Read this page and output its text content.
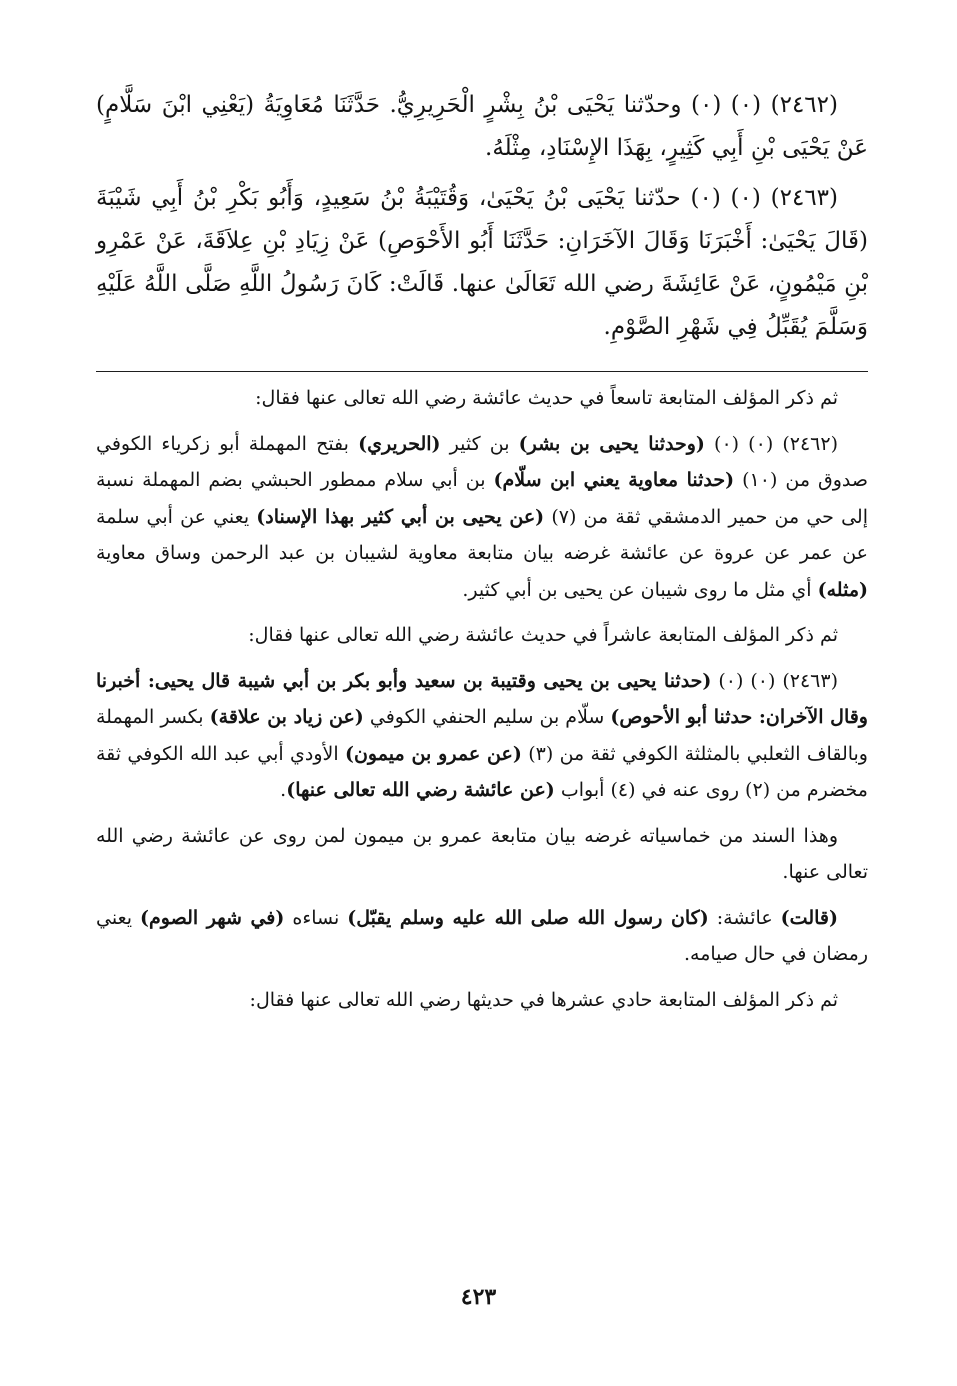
(٢٤٦٢) (٠) (٠) وحدّثنا يَحْيَى بْنُ بِشْرٍ الْحَرِيرِيُّ. حَدَّثَنَا مُعَاوِيَةُ (يَعْنِي ابْنَ سَلَّامٍ) عَنْ يَحْيَى بْنِ أَبِي كَثِيرٍ، بِهَذَا الإِسْنَادِ، مِثْلَهُ.

(٢٤٦٣) (٠) (٠) حدّثنا يَحْيَى بْنُ يَحْيَىٰ، وَقُتَيْبَةُ بْنُ سَعِيدٍ، وَأَبُو بَكْرِ بْنُ أَبِي شَيْبَةَ (قَالَ يَحْيَىٰ: أَخْبَرَنَا وَقَالَ الآخَرَانِ: حَدَّثَنَا أَبُو الأَحْوَصِ) عَنْ زِيَادِ بْنِ عِلاَقَةَ، عَنْ عَمْرِو بْنِ مَيْمُونٍ، عَنْ عَائِشَةَ رضي الله تَعَالَىٰ عنها. قَالَتْ: كَانَ رَسُولُ اللَّهِ صَلَّى اللَّهُ عَلَيْهِ وَسَلَّمَ يُقَبِّلُ فِي شَهْرِ الصَّوْمِ.

ثم ذكر المؤلف المتابعة تاسعاً في حديث عائشة رضي الله تعالى عنها فقال:

(٢٤٦٢) (٠) (٠) (وحدثنا يحيى بن بشر) بن كثير (الحريري) بفتح المهملة أبو زكرياء الكوفي صدوق من (١٠) (حدثنا معاوية يعني ابن سلّام) بن أبي سلام ممطور الحبشي بضم المهملة نسبة إلى حي من حمير الدمشقي ثقة من (٧) (عن يحيى بن أبي كثير بهذا الإسناد) يعني عن أبي سلمة عن عمر عن عروة عن عائشة غرضه بيان متابعة معاوية لشيبان بن عبد الرحمن وساق معاوية (مثله) أي مثل ما روى شيبان عن يحيى بن أبي كثير.

ثم ذكر المؤلف المتابعة عاشراً في حديث عائشة رضي الله تعالى عنها فقال:

(٢٤٦٣) (٠) (٠) (حدثنا يحيى بن يحيى وقتيبة بن سعيد وأبو بكر بن أبي شيبة قال يحيى: أخبرنا وقال الآخران: حدثنا أبو الأحوص) سلّام بن سليم الحنفي الكوفي (عن زياد بن علاقة) بكسر المهملة وبالقاف الثعلبي بالمثلثة الكوفي ثقة من (٣) (عن عمرو بن ميمون) الأودي أبي عبد الله الكوفي ثقة مخضرم من (٢) روى عنه في (٤) أبواب (عن عائشة رضي الله تعالى عنها).

وهذا السند من خماسياته غرضه بيان متابعة عمرو بن ميمون لمن روى عن عائشة رضي الله تعالى عنها.

(قالت) عائشة: (كان رسول الله صلى الله عليه وسلم يقبّل) نساءه (في شهر الصوم) يعني رمضان في حال صيامه.

ثم ذكر المؤلف المتابعة حادي عشرها في حديثها رضي الله تعالى عنها فقال:

٤٢٣
